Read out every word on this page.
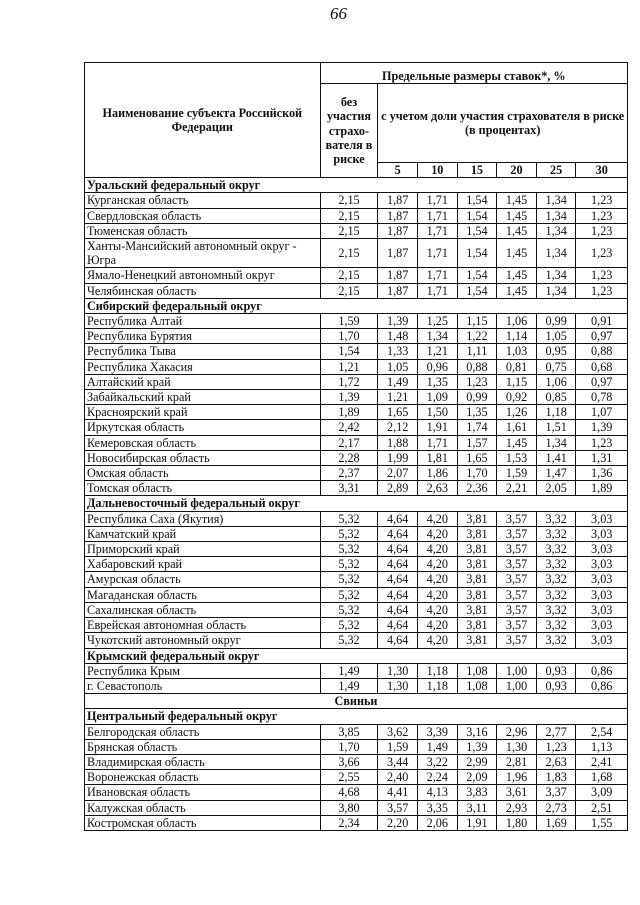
66
Наименование субъекта Российской Федерации	Предельные размеры ставок*, %						
	без участия страхо-вателя в риске	с учетом доли участия страхователя в риске (в процентах)					
		5	10	15	20	25	30
Уральский федеральный округ							
Курганская область	2,15	1,87	1,71	1,54	1,45	1,34	1,23
Свердловская область	2,15	1,87	1,71	1,54	1,45	1,34	1,23
Тюменская область	2,15	1,87	1,71	1,54	1,45	1,34	1,23
Ханты-Мансийский автономный округ - Югра	2,15	1,87	1,71	1,54	1,45	1,34	1,23
Ямало-Ненецкий автономный округ	2,15	1,87	1,71	1,54	1,45	1,34	1,23
Челябинская область	2,15	1,87	1,71	1,54	1,45	1,34	1,23
Сибирский федеральный округ							
Республика Алтай	1,59	1,39	1,25	1,15	1,06	0,99	0,91
Республика Бурятия	1,70	1,48	1,34	1,22	1,14	1,05	0,97
Республика Тыва	1,54	1,33	1,21	1,11	1,03	0,95	0,88
Республика Хакасия	1,21	1,05	0,96	0,88	0,81	0,75	0,68
Алтайский край	1,72	1,49	1,35	1,23	1,15	1,06	0,97
Забайкальский край	1,39	1,21	1,09	0,99	0,92	0,85	0,78
Красноярский край	1,89	1,65	1,50	1,35	1,26	1,18	1,07
Иркутская область	2,42	2,12	1,91	1,74	1,61	1,51	1,39
Кемеровская область	2,17	1,88	1,71	1,57	1,45	1,34	1,23
Новосибирская область	2,28	1,99	1,81	1,65	1,53	1,41	1,31
Омская область	2,37	2,07	1,86	1,70	1,59	1,47	1,36
Томская область	3,31	2,89	2,63	2,36	2,21	2,05	1,89
Дальневосточный федеральный округ							
Республика Саха (Якутия)	5,32	4,64	4,20	3,81	3,57	3,32	3,03
Камчатский край	5,32	4,64	4,20	3,81	3,57	3,32	3,03
Приморский край	5,32	4,64	4,20	3,81	3,57	3,32	3,03
Хабаровский край	5,32	4,64	4,20	3,81	3,57	3,32	3,03
Амурская область	5,32	4,64	4,20	3,81	3,57	3,32	3,03
Магаданская область	5,32	4,64	4,20	3,81	3,57	3,32	3,03
Сахалинская область	5,32	4,64	4,20	3,81	3,57	3,32	3,03
Еврейская автономная область	5,32	4,64	4,20	3,81	3,57	3,32	3,03
Чукотский автономный округ	5,32	4,64	4,20	3,81	3,57	3,32	3,03
Крымский федеральный округ							
Республика Крым	1,49	1,30	1,18	1,08	1,00	0,93	0,86
г. Севастополь	1,49	1,30	1,18	1,08	1,00	0,93	0,86
Свиньи							
Центральный федеральный округ							
Белгородская область	3,85	3,62	3,39	3,16	2,96	2,77	2,54
Брянская область	1,70	1,59	1,49	1,39	1,30	1,23	1,13
Владимирская область	3,66	3,44	3,22	2,99	2,81	2,63	2,41
Воронежская область	2,55	2,40	2,24	2,09	1,96	1,83	1,68
Ивановская область	4,68	4,41	4,13	3,83	3,61	3,37	3,09
Калужская область	3,80	3,57	3,35	3,11	2,93	2,73	2,51
Костромская область	2,34	2,20	2,06	1,91	1,80	1,69	1,55
